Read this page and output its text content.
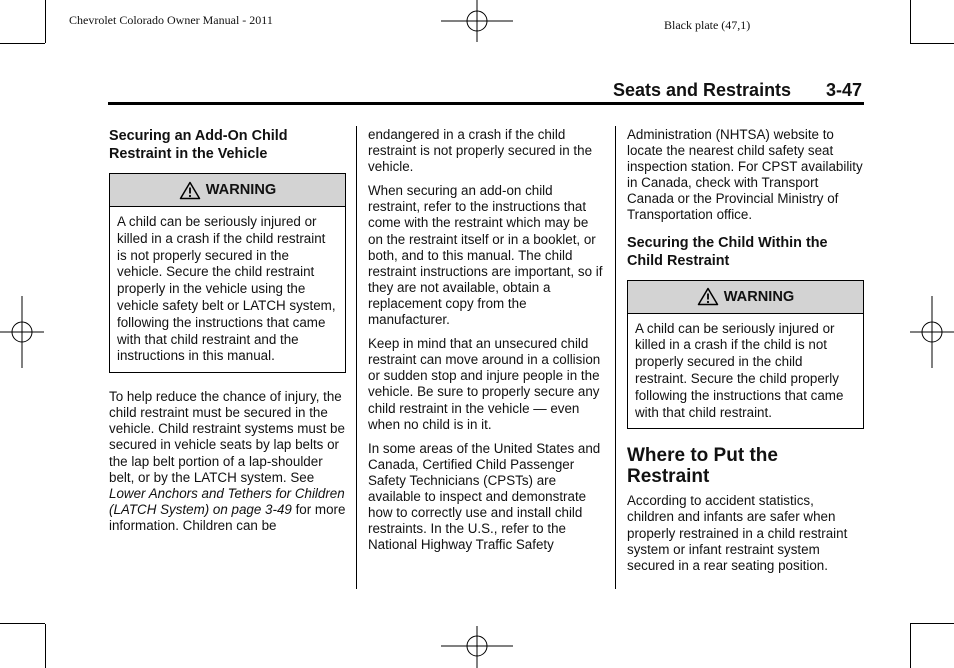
Chevrolet Colorado Owner Manual - 2011	Black plate (47,1)
Seats and Restraints 3-47
Securing an Add-On Child Restraint in the Vehicle
WARNING
A child can be seriously injured or killed in a crash if the child restraint is not properly secured in the vehicle. Secure the child restraint properly in the vehicle using the vehicle safety belt or LATCH system, following the instructions that came with that child restraint and the instructions in this manual.

To help reduce the chance of injury, the child restraint must be secured in the vehicle. Child restraint systems must be secured in vehicle seats by lap belts or the lap belt portion of a lap-shoulder belt, or by the LATCH system. See Lower Anchors and Tethers for Children (LATCH System) on page 3-49 for more information. Children can be

endangered in a crash if the child restraint is not properly secured in the vehicle.

When securing an add-on child restraint, refer to the instructions that come with the restraint which may be on the restraint itself or in a booklet, or both, and to this manual. The child restraint instructions are important, so if they are not available, obtain a replacement copy from the manufacturer.

Keep in mind that an unsecured child restraint can move around in a collision or sudden stop and injure people in the vehicle. Be sure to properly secure any child restraint in the vehicle — even when no child is in it.

In some areas of the United States and Canada, Certified Child Passenger Safety Technicians (CPSTs) are available to inspect and demonstrate how to correctly use and install child restraints. In the U.S., refer to the National Highway Traffic Safety

Administration (NHTSA) website to locate the nearest child safety seat inspection station. For CPST availability in Canada, check with Transport Canada or the Provincial Ministry of Transportation office.

Securing the Child Within the Child Restraint
WARNING
A child can be seriously injured or killed in a crash if the child is not properly secured in the child restraint. Secure the child properly following the instructions that came with that child restraint.
Where to Put the Restraint

According to accident statistics, children and infants are safer when properly restrained in a child restraint system or infant restraint system secured in a rear seating position.
